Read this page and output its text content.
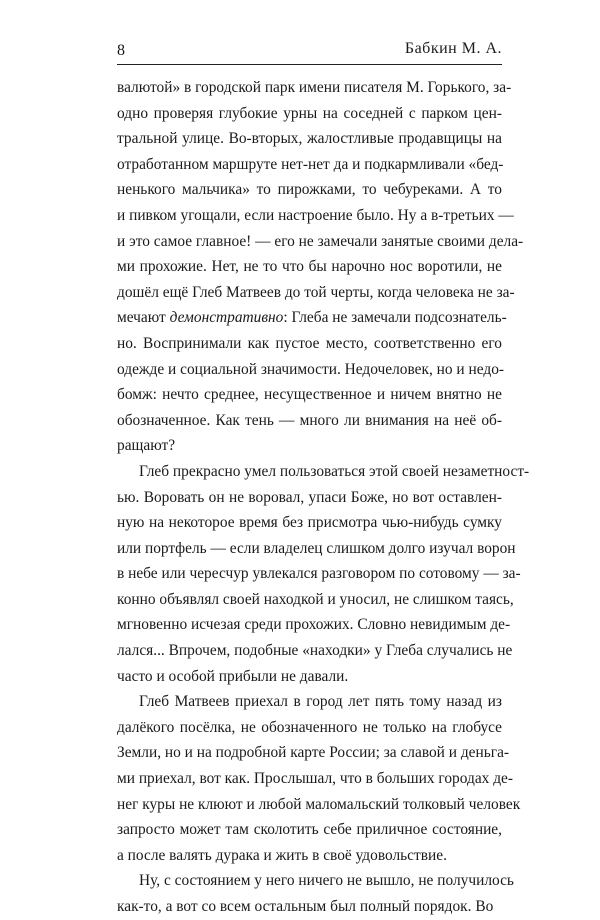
8	Бабкин М. А.
валютой» в городской парк имени писателя М. Горького, за-
одно проверяя глубокие урны на соседней с парком цен-
тральной улице. Во-вторых, жалостливые продавщицы на
отработанном маршруте нет-нет да и подкармливали «бед-
ненького мальчика» то пирожками, то чебуреками. А то
и пивком угощали, если настроение было. Ну а в-третьих —
и это самое главное! — его не замечали занятые своими дела-
ми прохожие. Нет, не то что бы нарочно нос воротили, не
дошёл ещё Глеб Матвеев до той черты, когда человека не за-
мечают демонстративно: Глеба не замечали подсознатель-
но. Воспринимали как пустое место, соответственно его
одежде и социальной значимости. Недочеловек, но и недо-
бомж: нечто среднее, несущественное и ничем внятно не
обозначенное. Как тень — много ли внимания на неё об-
ращают?
Глеб прекрасно умел пользоваться этой своей незаметност-
ью. Воровать он не воровал, упаси Боже, но вот оставлен-
ную на некоторое время без присмотра чью-нибудь сумку
или портфель — если владелец слишком долго изучал ворон
в небе или чересчур увлекался разговором по сотовому — за-
конно объявлял своей находкой и уносил, не слишком таясь,
мгновенно исчезая среди прохожих. Словно невидимым де-
лался... Впрочем, подобные «находки» у Глеба случались не
часто и особой прибыли не давали.
Глеб Матвеев приехал в город лет пять тому назад из
далёкого посёлка, не обозначенного не только на глобусе
Земли, но и на подробной карте России; за славой и деньга-
ми приехал, вот как. Прослышал, что в больших городах де-
нег куры не клюют и любой маломальский толковый человек
запросто может там сколотить себе приличное состояние,
а после валять дурака и жить в своё удовольствие.
Ну, с состоянием у него ничего не вышло, не получилось
как-то, а вот со всем остальным был полный порядок. Во
